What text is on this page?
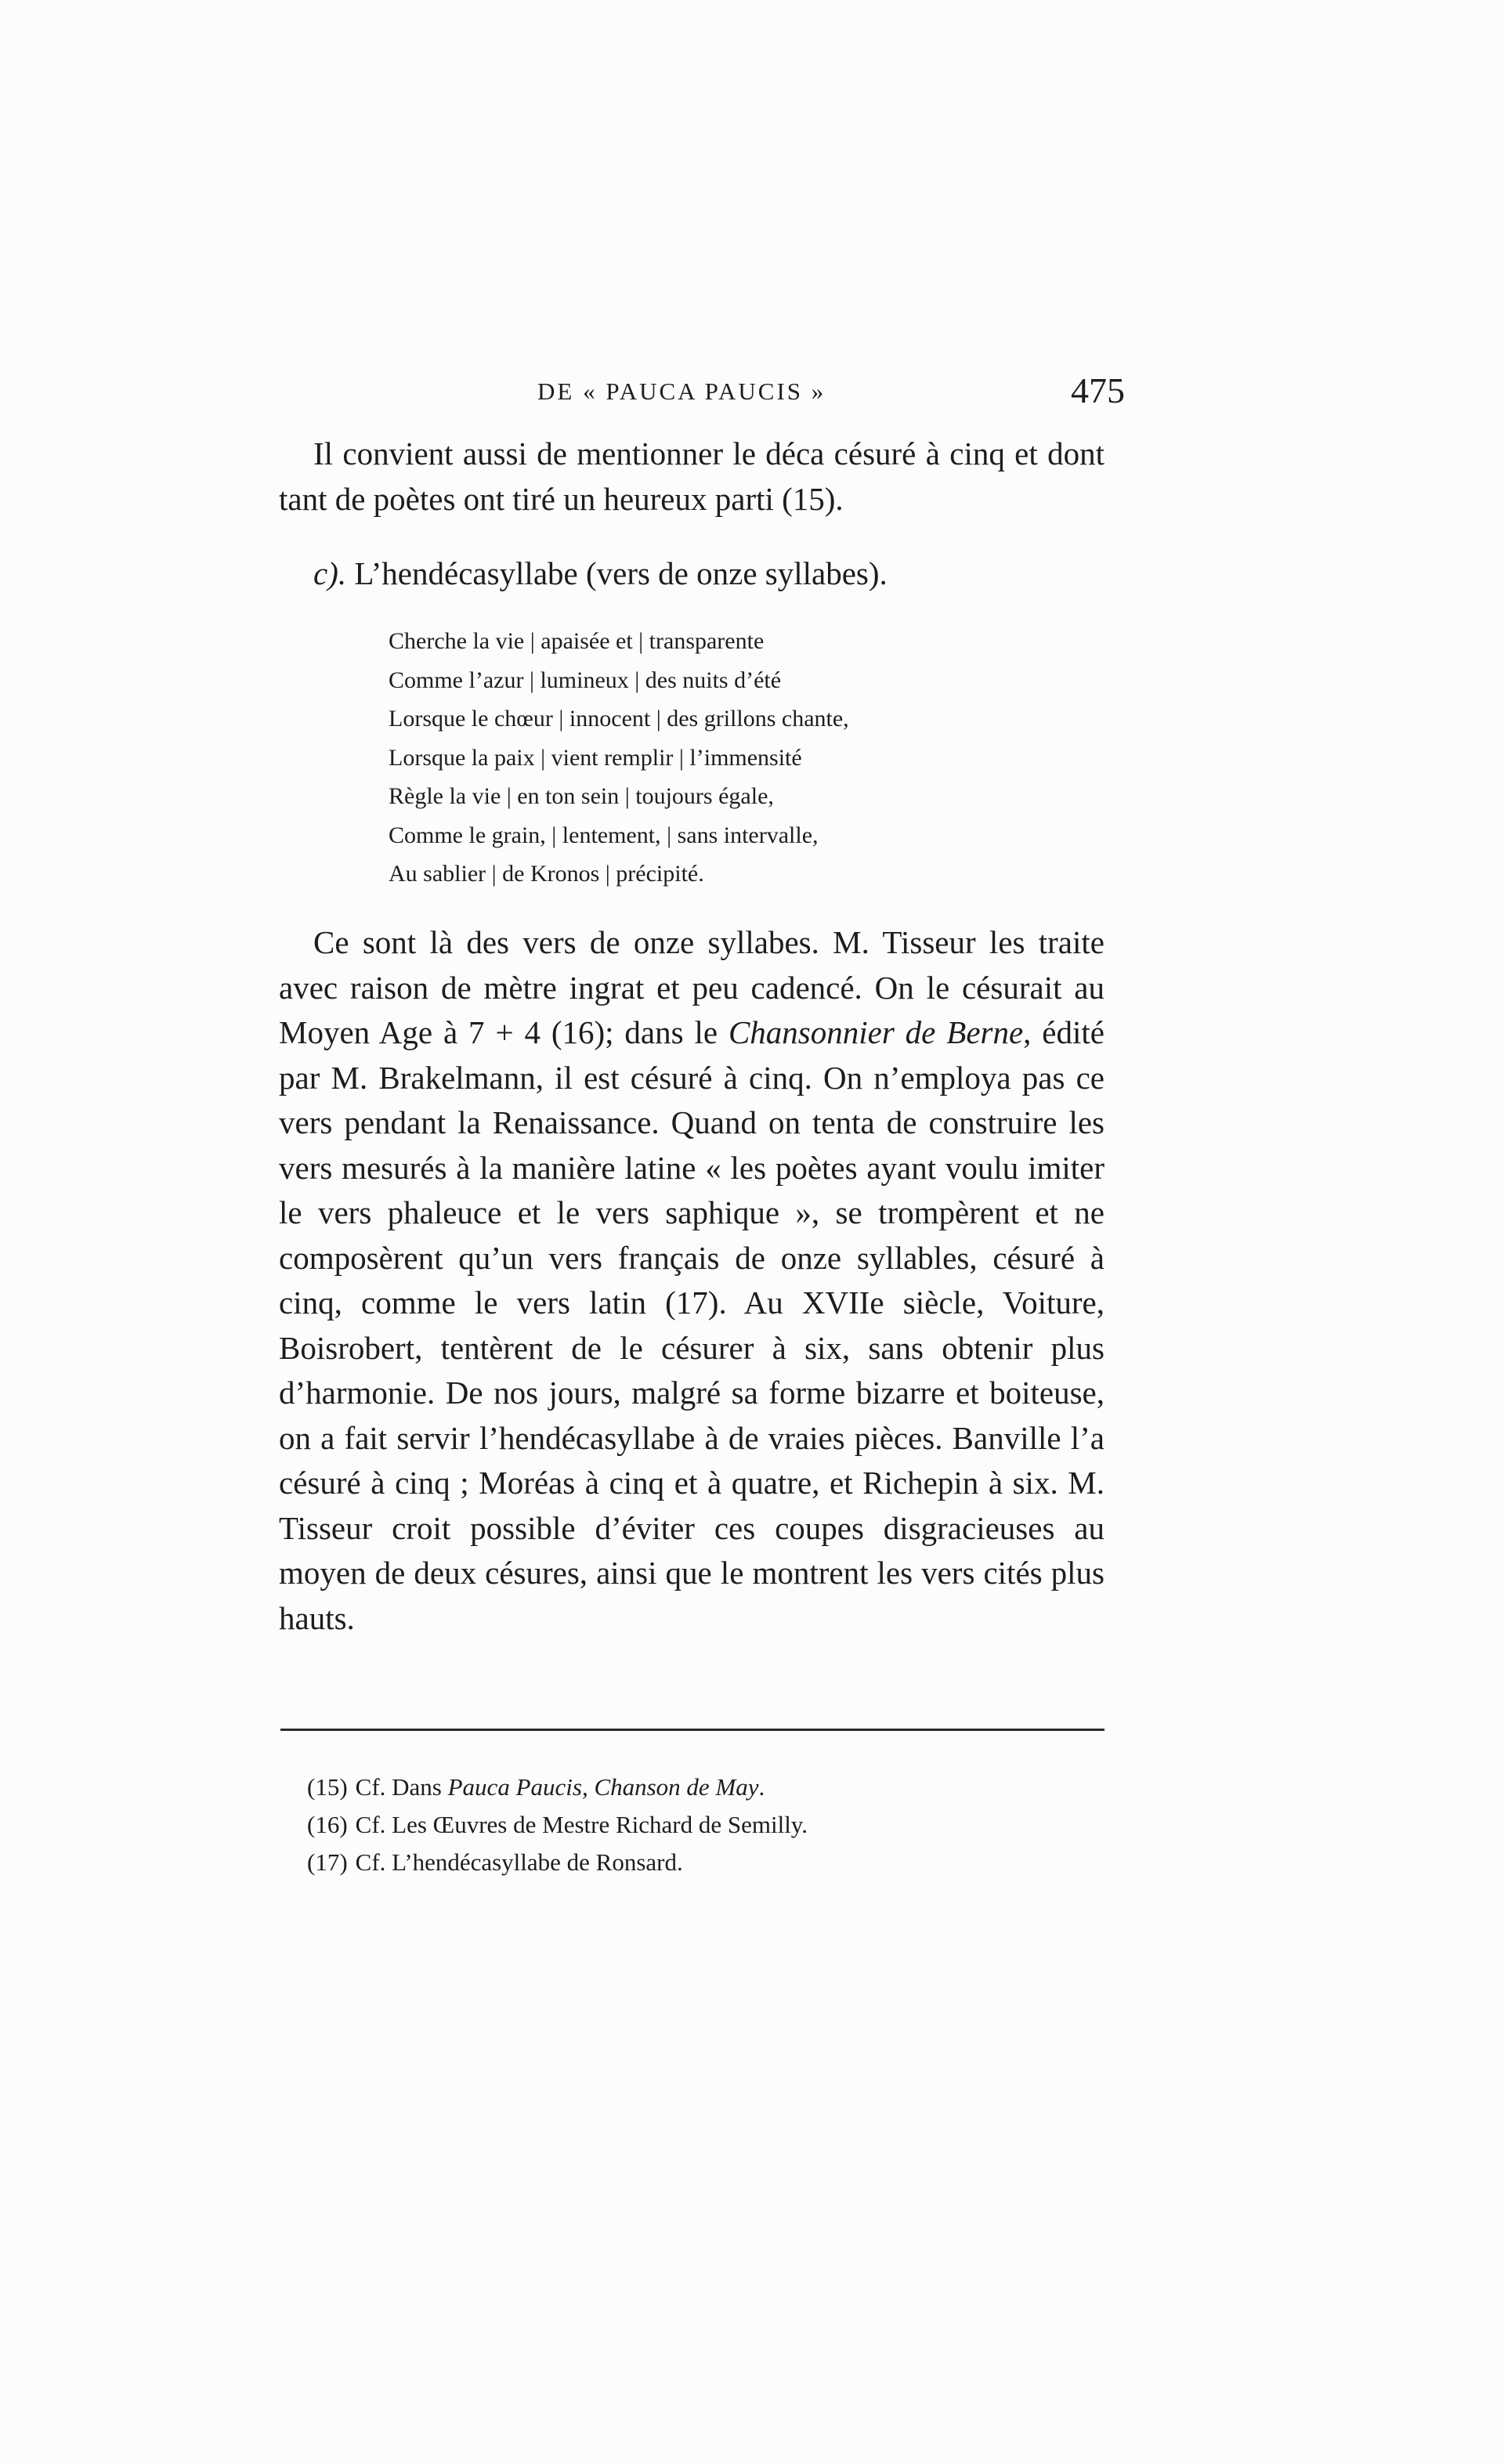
DE « PAUCA PAUCIS »	475

Il convient aussi de mentionner le déca césuré à cinq et dont tant de poètes ont tiré un heureux parti (15).

c). L’hendécasyllabe (vers de onze syllabes).

Cherche la vie | apaisée et | transparente
Comme l’azur | lumineux | des nuits d’été
Lorsque le chœur | innocent | des grillons chante,
Lorsque la paix | vient remplir | l’immensité
Règle la vie | en ton sein | toujours égale,
Comme le grain, | lentement, | sans intervalle,
Au sablier | de Kronos | précipité.

Ce sont là des vers de onze syllabes. M. Tisseur les traite avec raison de mètre ingrat et peu cadencé. On le césurait au Moyen Age à 7 + 4 (16); dans le Chansonnier de Berne, édité par M. Brakelmann, il est césuré à cinq. On n’employa pas ce vers pendant la Renaissance. Quand on tenta de construire les vers mesurés à la manière latine « les poètes ayant voulu imiter le vers phaleuce et le vers saphique », se trompèrent et ne composèrent qu’un vers français de onze syllables, césuré à cinq, comme le vers latin (17). Au XVIIe siècle, Voiture, Boisrobert, tentèrent de le césurer à six, sans obtenir plus d’harmonie. De nos jours, malgré sa forme bizarre et boiteuse, on a fait servir l’hendécasyllabe à de vraies pièces. Banville l’a césuré à cinq ; Moréas à cinq et à quatre, et Richepin à six. M. Tisseur croit possible d’éviter ces coupes disgracieuses au moyen de deux césures, ainsi que le montrent les vers cités plus hauts.

(15) Cf. Dans Pauca Paucis, Chanson de May.
(16) Cf. Les Œuvres de Mestre Richard de Semilly.
(17) Cf. L’hendécasyllabe de Ronsard.
